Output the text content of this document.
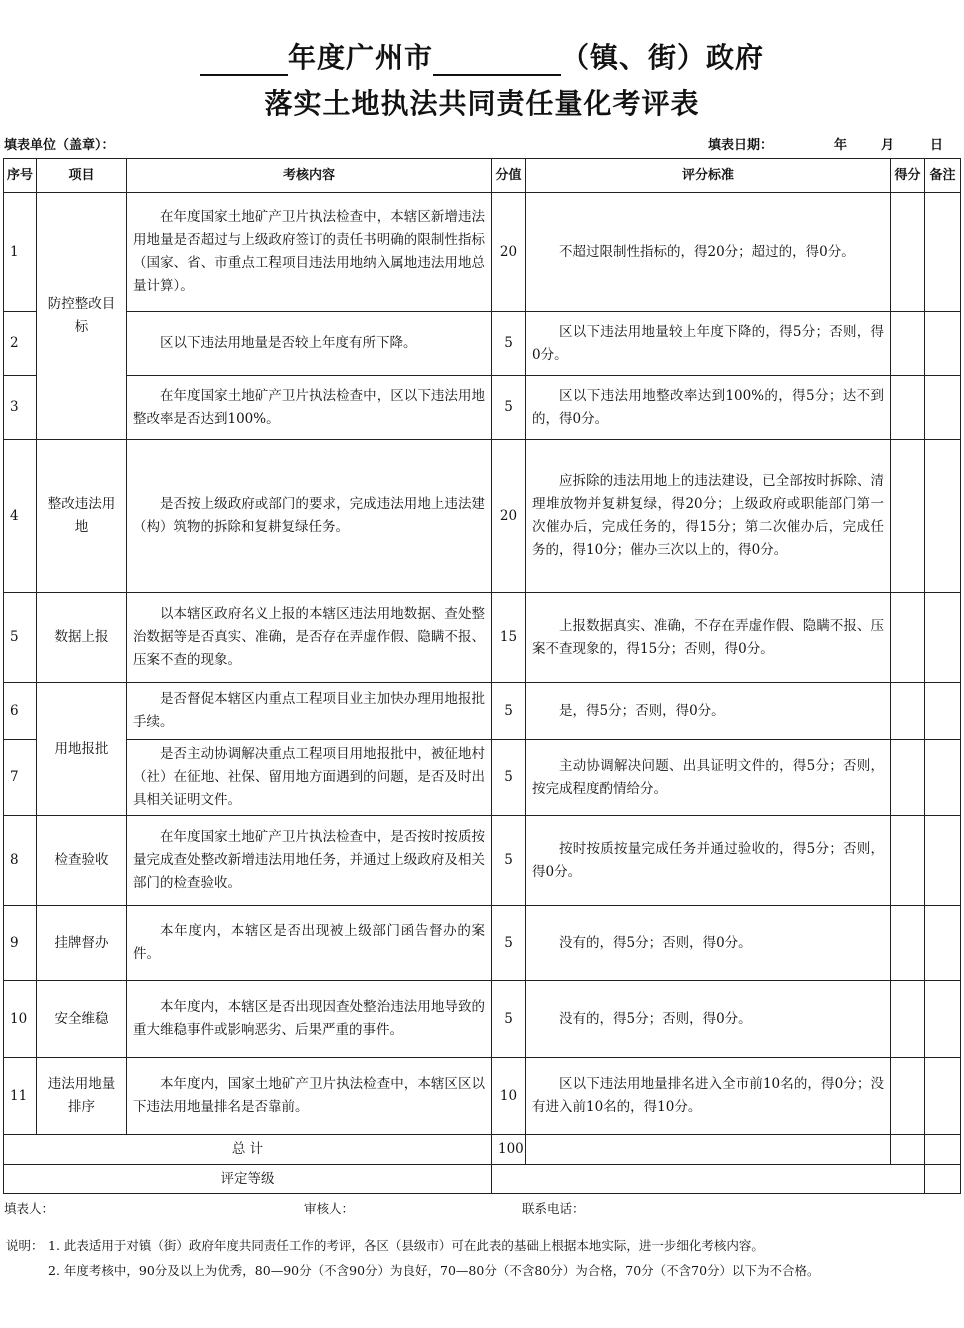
年度广州市	（镇、街）政府
落实土地执法共同责任量化考评表
填表单位（盖章）：	填表日期：	年	月	日
序号	项目	考核内容	分值	评分标准	得分	备注
1	防控整改目标	在年度国家土地矿产卫片执法检查中，本辖区新增违法用地量是否超过与上级政府签订的责任书明确的限制性指标（国家、省、市重点工程项目违法用地纳入属地违法用地总量计算）。	20	不超过限制性指标的，得20分；超过的，得0分。		
2		区以下违法用地量是否较上年度有所下降。	5	区以下违法用地量较上年度下降的，得5分；否则，得0分。		
3		在年度国家土地矿产卫片执法检查中，区以下违法用地整改率是否达到100%。	5	区以下违法用地整改率达到100%的，得5分；达不到的，得0分。		
4	整改违法用地	是否按上级政府或部门的要求，完成违法用地上违法建（构）筑物的拆除和复耕复绿任务。	20	应拆除的违法用地上的违法建设，已全部按时拆除、清理堆放物并复耕复绿，得20分；上级政府或职能部门第一次催办后，完成任务的，得15分；第二次催办后，完成任务的，得10分；催办三次以上的，得0分。		
5	数据上报	以本辖区政府名义上报的本辖区违法用地数据、查处整治数据等是否真实、准确，是否存在弄虚作假、隐瞒不报、压案不查的现象。	15	上报数据真实、准确，不存在弄虚作假、隐瞒不报、压案不查现象的，得15分；否则，得0分。		
6	用地报批	是否督促本辖区内重点工程项目业主加快办理用地报批手续。	5	是，得5分；否则，得0分。		
7		是否主动协调解决重点工程项目用地报批中，被征地村（社）在征地、社保、留用地方面遇到的问题，是否及时出具相关证明文件。	5	主动协调解决问题、出具证明文件的，得5分；否则，按完成程度酌情给分。		
8	检查验收	在年度国家土地矿产卫片执法检查中，是否按时按质按量完成查处整改新增违法用地任务，并通过上级政府及相关部门的检查验收。	5	按时按质按量完成任务并通过验收的，得5分；否则，得0分。		
9	挂牌督办	本年度内，本辖区是否出现被上级部门函告督办的案件。	5	没有的，得5分；否则，得0分。		
10	安全维稳	本年度内，本辖区是否出现因查处整治违法用地导致的重大维稳事件或影响恶劣、后果严重的事件。	5	没有的，得5分；否则，得0分。		
11	违法用地量排序	本年度内，国家土地矿产卫片执法检查中，本辖区区以下违法用地量排名是否靠前。	10	区以下违法用地量排名进入全市前10名的，得0分；没有进入前10名的，得10分。		
总 计			100			
评定等级						
填表人：	审核人：	联系电话：
说明： 1. 此表适用于对镇（街）政府年度共同责任工作的考评，各区（县级市）可在此表的基础上根据本地实际，进一步细化考核内容。
2. 年度考核中，90分及以上为优秀，80—90分（不含90分）为良好，70—80分（不含80分）为合格，70分（不含70分）以下为不合格。
